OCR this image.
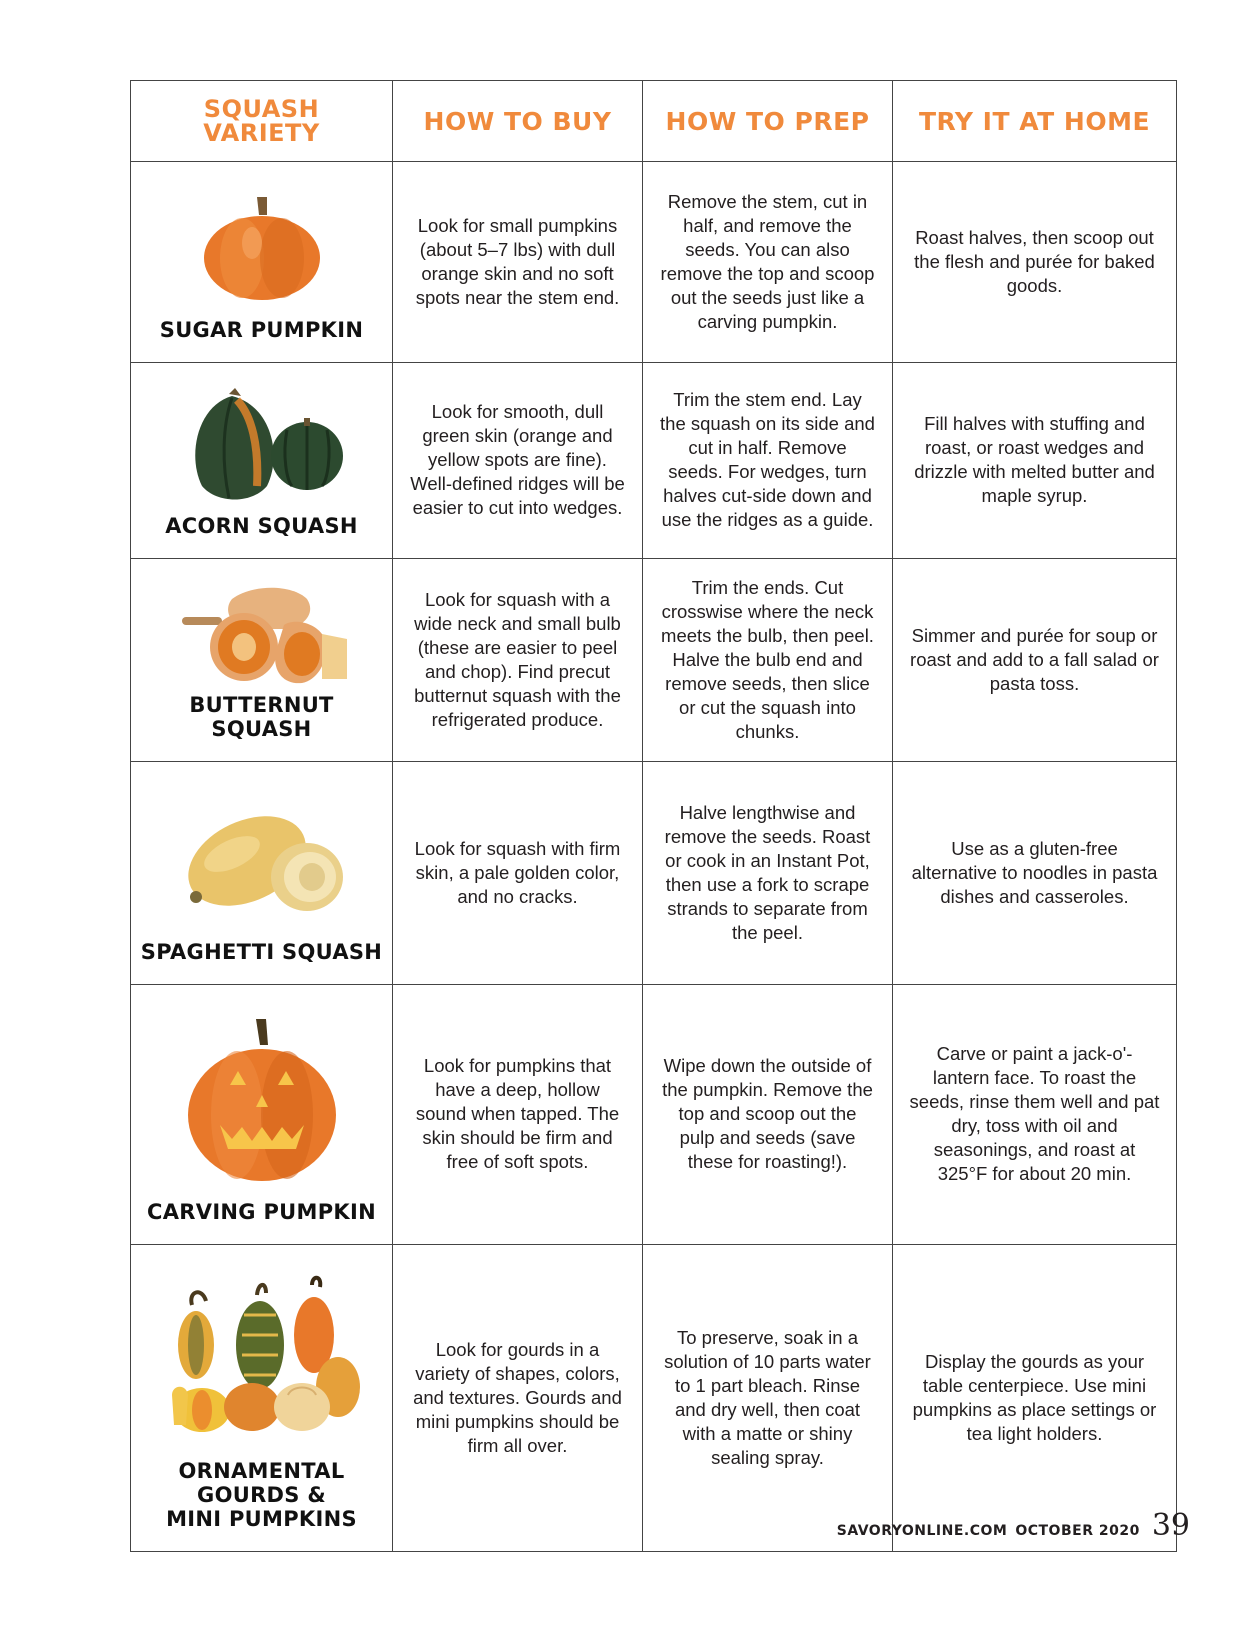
SQUASH
VARIETY	HOW TO BUY	HOW TO PREP	TRY IT AT HOME

SUGAR PUMPKIN	Look for small pumpkins (about 5–7 lbs) with dull orange skin and no soft spots near the stem end.	Remove the stem, cut in half, and remove the seeds. You can also remove the top and scoop out the seeds just like a carving pumpkin.	Roast halves, then scoop out the flesh and purée for baked goods.

ACORN SQUASH	Look for smooth, dull green skin (orange and yellow spots are fine). Well-defined ridges will be easier to cut into wedges.	Trim the stem end. Lay the squash on its side and cut in half. Remove seeds. For wedges, turn halves cut-side down and use the ridges as a guide.	Fill halves with stuffing and roast, or roast wedges and drizzle with melted butter and maple syrup.

BUTTERNUT
SQUASH	Look for squash with a wide neck and small bulb (these are easier to peel and chop). Find precut butternut squash with the refrigerated produce.	Trim the ends. Cut crosswise where the neck meets the bulb, then peel. Halve the bulb end and remove seeds, then slice or cut the squash into chunks.	Simmer and purée for soup or roast and add to a fall salad or pasta toss.

SPAGHETTI SQUASH	Look for squash with firm skin, a pale golden color, and no cracks.	Halve lengthwise and remove the seeds. Roast or cook in an Instant Pot, then use a fork to scrape strands to separate from the peel.	Use as a gluten-free alternative to noodles in pasta dishes and casseroles.

CARVING PUMPKIN	Look for pumpkins that have a deep, hollow sound when tapped. The skin should be firm and free of soft spots.	Wipe down the outside of the pumpkin. Remove the top and scoop out the pulp and seeds (save these for roasting!).	Carve or paint a jack-o'-lantern face. To roast the seeds, rinse them well and pat dry, toss with oil and seasonings, and roast at 325°F for about 20 min.

ORNAMENTAL
GOURDS &
MINI PUMPKINS	Look for gourds in a variety of shapes, colors, and textures. Gourds and mini pumpkins should be firm all over.	To preserve, soak in a solution of 10 parts water to 1 part bleach. Rinse and dry well, then coat with a matte or shiny sealing spray.	Display the gourds as your table centerpiece. Use mini pumpkins as place settings or tea light holders.
SAVORYONLINE.COM OCTOBER 2020 39
